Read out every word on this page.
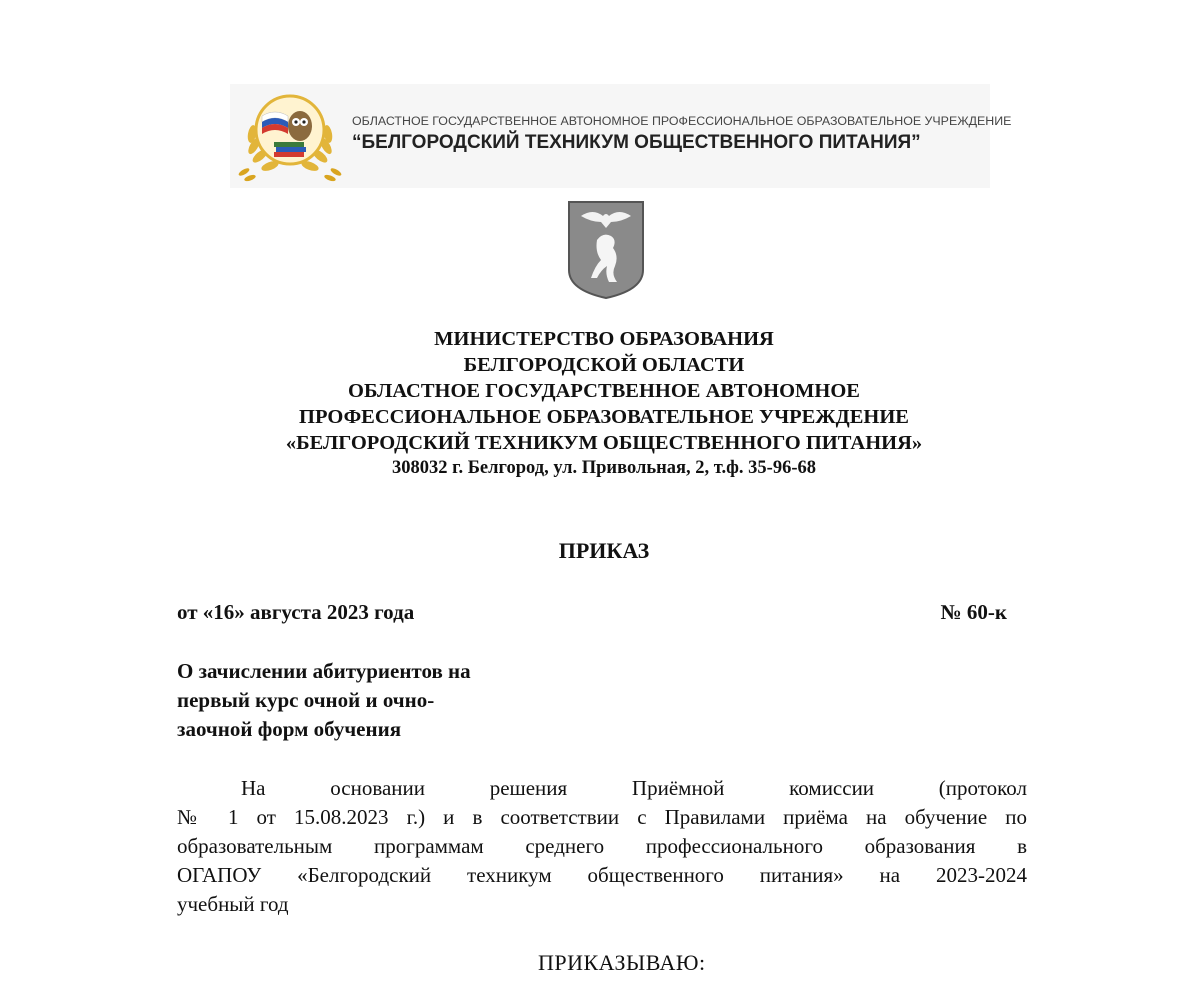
ОБЛАСТНОЕ ГОСУДАРСТВЕННОЕ АВТОНОМНОЕ ПРОФЕССИОНАЛЬНОЕ ОБРАЗОВАТЕЛЬНОЕ УЧРЕЖДЕНИЕ
“БЕЛГОРОДСКИЙ ТЕХНИКУМ ОБЩЕСТВЕННОГО ПИТАНИЯ”
МИНИСТЕРСТВО ОБРАЗОВАНИЯ
БЕЛГОРОДСКОЙ ОБЛАСТИ
ОБЛАСТНОЕ ГОСУДАРСТВЕННОЕ АВТОНОМНОЕ
ПРОФЕССИОНАЛЬНОЕ ОБРАЗОВАТЕЛЬНОЕ УЧРЕЖДЕНИЕ
«БЕЛГОРОДСКИЙ ТЕХНИКУМ ОБЩЕСТВЕННОГО ПИТАНИЯ»
308032 г. Белгород, ул. Привольная, 2, т.ф. 35-96-68
ПРИКАЗ
от «16» августа 2023 года	№ 60-к
О зачислении абитуриентов на
первый курс очной и очно-
заочной форм обучения
На основании решения Приёмной комиссии (протокол
№ 1 от 15.08.2023 г.) и в соответствии с Правилами приёма на обучение по
образовательным программам среднего профессионального образования в
ОГАПОУ «Белгородский техникум общественного питания» на 2023-2024
учебный год
ПРИКАЗЫВАЮ:
